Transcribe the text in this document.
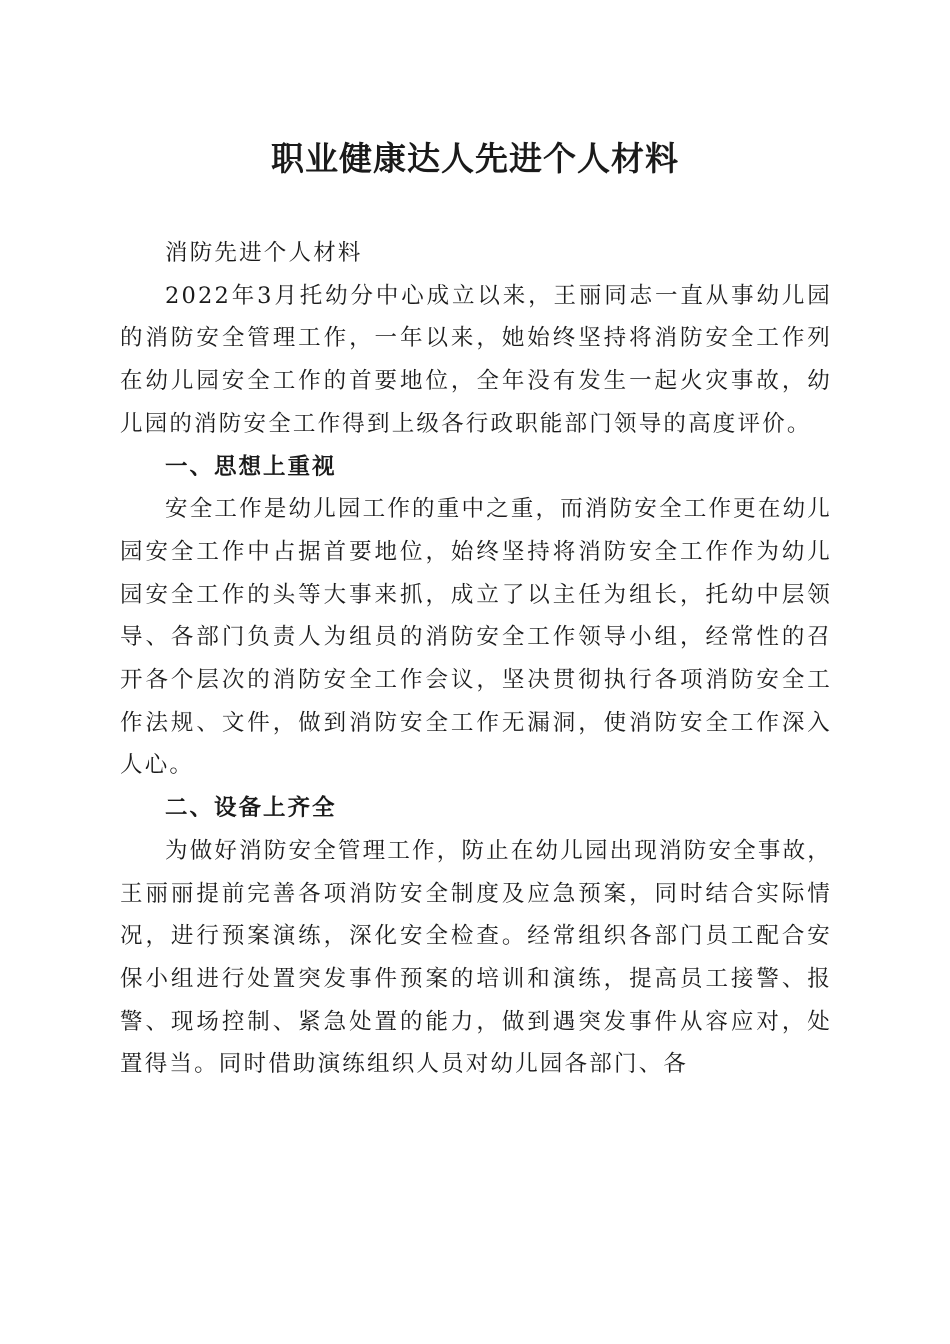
职业健康达人先进个人材料

消防先进个人材料

2022年3月托幼分中心成立以来，王丽同志一直从事幼儿园的消防安全管理工作，一年以来，她始终坚持将消防安全工作列在幼儿园安全工作的首要地位，全年没有发生一起火灾事故，幼儿园的消防安全工作得到上级各行政职能部门领导的高度评价。

一、思想上重视

安全工作是幼儿园工作的重中之重，而消防安全工作更在幼儿园安全工作中占据首要地位，始终坚持将消防安全工作作为幼儿园安全工作的头等大事来抓，成立了以主任为组长，托幼中层领导、各部门负责人为组员的消防安全工作领导小组，经常性的召开各个层次的消防安全工作会议，坚决贯彻执行各项消防安全工作法规、文件，做到消防安全工作无漏洞，使消防安全工作深入人心。

二、设备上齐全

为做好消防安全管理工作，防止在幼儿园出现消防安全事故，王丽丽提前完善各项消防安全制度及应急预案，同时结合实际情况，进行预案演练，深化安全检查。经常组织各部门员工配合安保小组进行处置突发事件预案的培训和演练，提高员工接警、报警、现场控制、紧急处置的能力，做到遇突发事件从容应对，处置得当。同时借助演练组织人员对幼儿园各部门、各
